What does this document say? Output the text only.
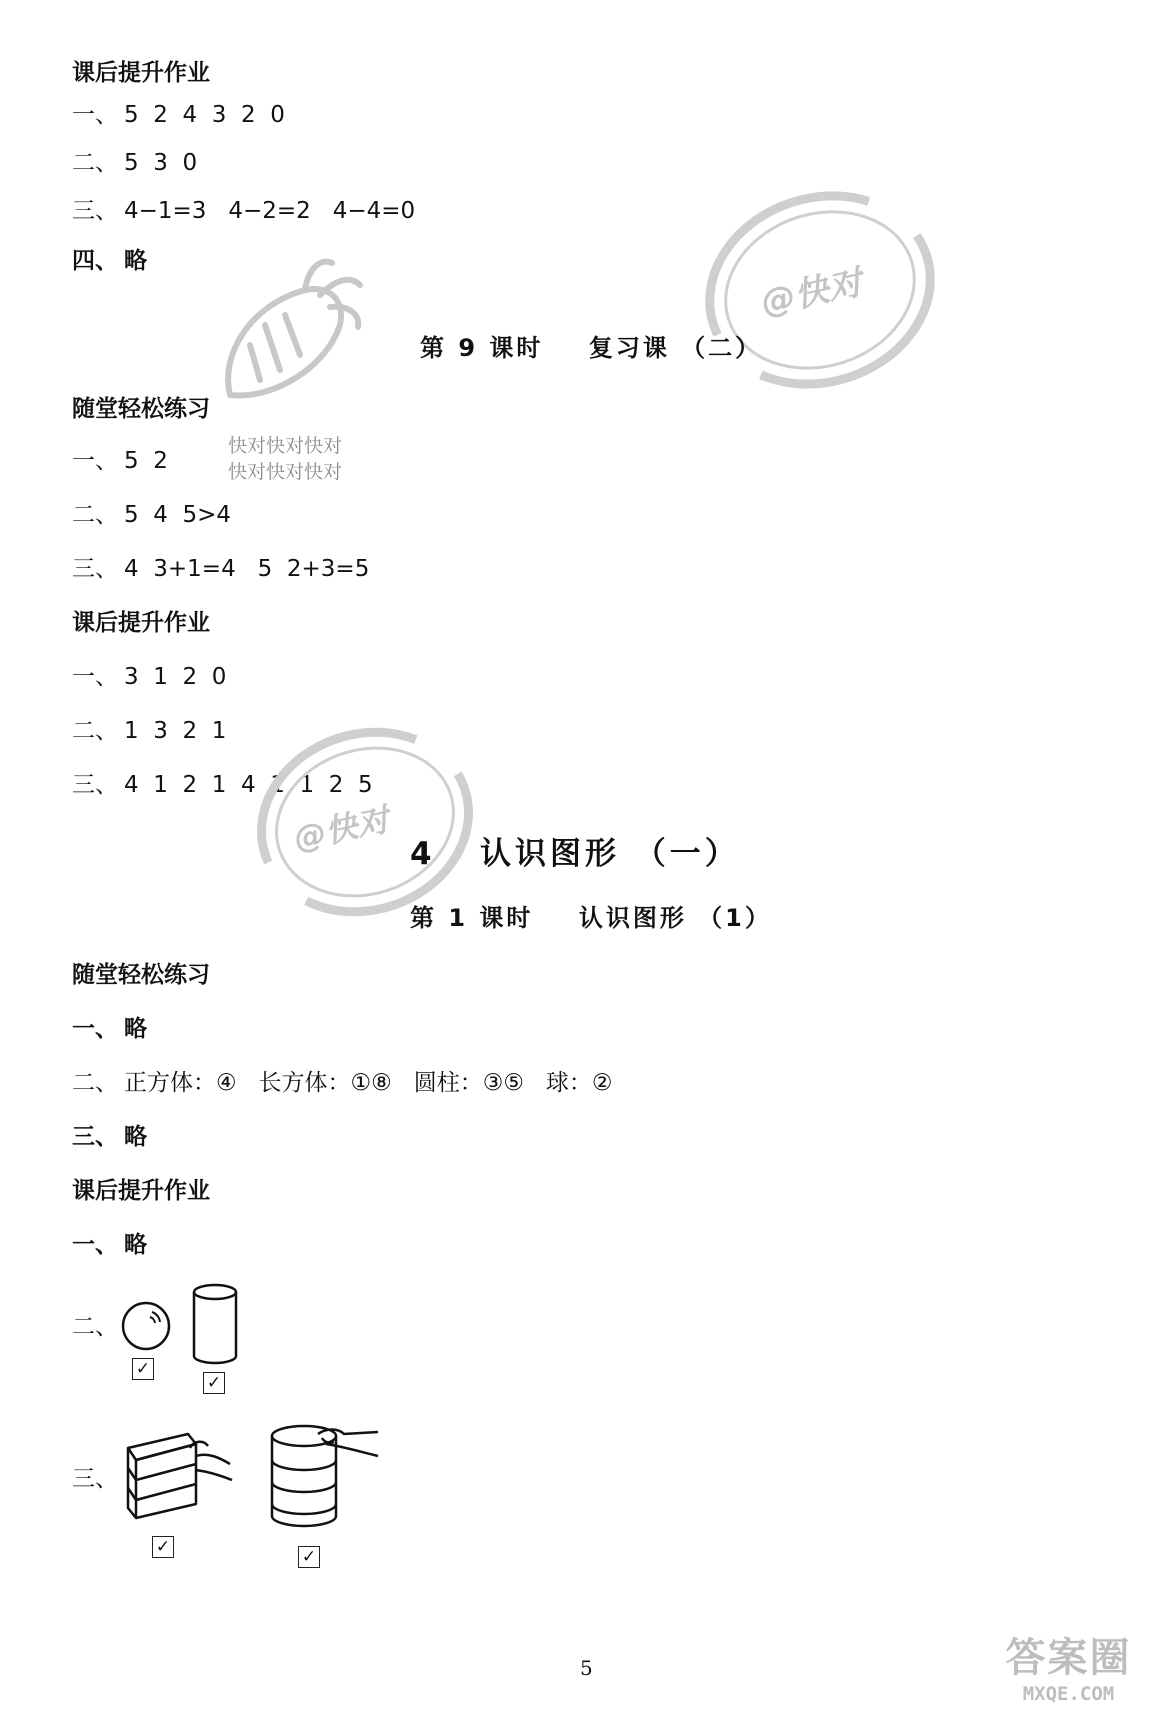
课后提升作业
一、 5  2  4  3  2  0
二、 5  3  0
三、 4−1=3   4−2=2   4−4=0
四、 略
@快对
第 9 课时    复习课 （二）
随堂轻松练习
一、 5  2
快对快对快对
快对快对快对
二、 5  4  5>4
三、 4  3+1=4   5  2+3=5
课后提升作业
一、 3  1  2  0
二、 1  3  2  1
三、 4  1  2  1  4  1  1  2  5
@快对 4   认识图形 （一）
第 1 课时    认识图形 （1）
随堂轻松练习
一、 略
二、 正方体：④   长方体：①⑧   圆柱：③⑤   球：②
三、 略
课后提升作业
一、 略
二、
✓
✓
三、
✓	✓
5	答案圈
MXQE.COM
